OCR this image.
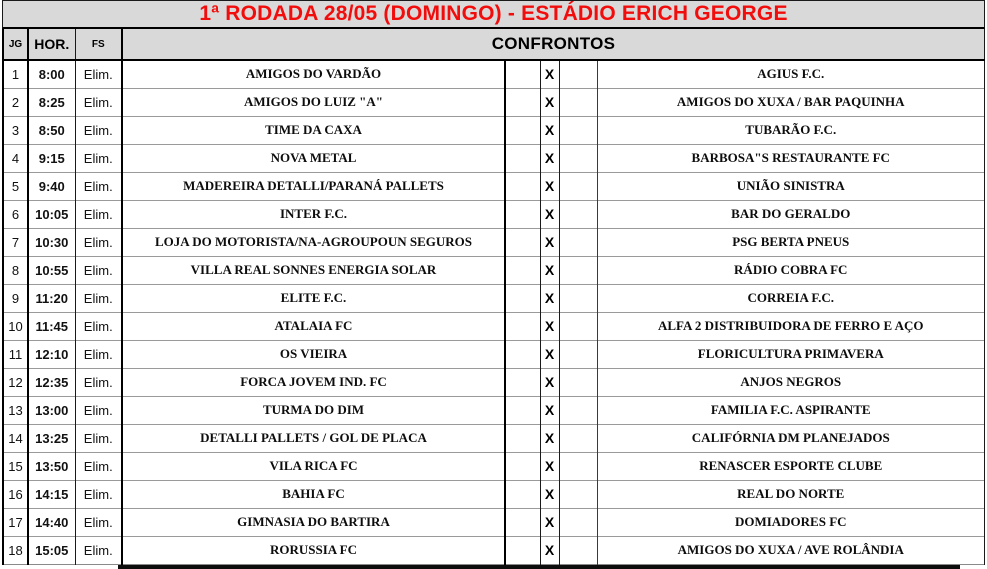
1ª RODADA 28/05 (DOMINGO) - ESTÁDIO ERICH GEORGE
JG	HOR.	FS	CONFRONTOS				
1	8:00	Elim.	AMIGOS DO VARDÃO		X		AGIUS F.C.
2	8:25	Elim.	AMIGOS DO LUIZ "A"		X		AMIGOS DO XUXA / BAR PAQUINHA
3	8:50	Elim.	TIME DA CAXA		X		TUBARÃO F.C.
4	9:15	Elim.	NOVA METAL		X		BARBOSA"S RESTAURANTE FC
5	9:40	Elim.	MADEREIRA DETALLI/PARANÁ PALLETS		X		UNIÃO SINISTRA
6	10:05	Elim.	INTER F.C.		X		BAR DO GERALDO
7	10:30	Elim.	LOJA DO MOTORISTA/NA-AGROUPOUN SEGUROS		X		PSG BERTA PNEUS
8	10:55	Elim.	VILLA REAL SONNES ENERGIA SOLAR		X		RÁDIO COBRA FC
9	11:20	Elim.	ELITE F.C.		X		CORREIA F.C.
10	11:45	Elim.	ATALAIA FC		X		ALFA 2 DISTRIBUIDORA DE FERRO E AÇO
11	12:10	Elim.	OS VIEIRA		X		FLORICULTURA PRIMAVERA
12	12:35	Elim.	FORCA JOVEM IND. FC		X		ANJOS NEGROS
13	13:00	Elim.	TURMA DO DIM		X		FAMILIA F.C. ASPIRANTE
14	13:25	Elim.	DETALLI PALLETS / GOL DE PLACA		X		CALIFÓRNIA DM PLANEJADOS
15	13:50	Elim.	VILA RICA FC		X		RENASCER ESPORTE CLUBE
16	14:15	Elim.	BAHIA FC		X		REAL DO NORTE
17	14:40	Elim.	GIMNASIA DO BARTIRA		X		DOMIADORES FC
18	15:05	Elim.	RORUSSIA FC		X		AMIGOS DO XUXA / AVE ROLÂNDIA
